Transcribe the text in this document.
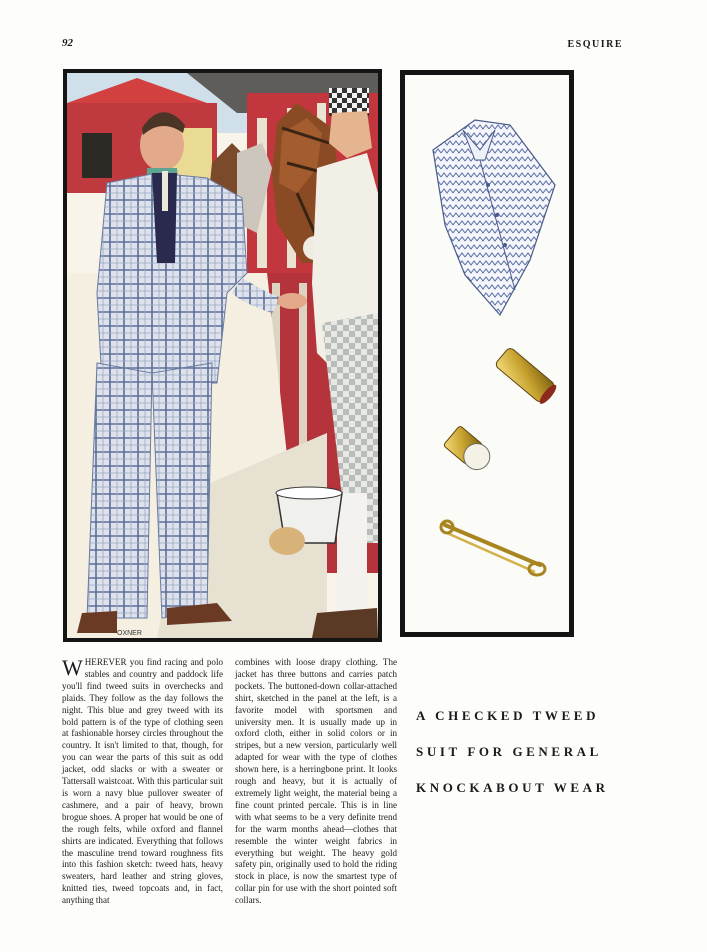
92	ESQUIRE
OXNER

WHEREVER you find racing and polo stables and country and paddock life you'll find tweed suits in overchecks and plaids. They follow as the day follows the night. This blue and grey tweed with its bold pattern is of the type of clothing seen at fashionable horsey circles throughout the country. It isn't limited to that, though, for you can wear the parts of this suit as odd jacket, odd slacks or with a sweater or Tattersall waistcoat. With this particular suit is worn a navy blue pullover sweater of cashmere, and a pair of heavy, brown brogue shoes. A proper hat would be one of the rough felts, while oxford and flannel shirts are indicated. Everything that follows the masculine trend toward roughness fits into this fashion sketch: tweed hats, heavy sweaters, hard leather and string gloves, knitted ties, tweed topcoats and, in fact, anything that

combines with loose drapy clothing. The jacket has three buttons and carries patch pockets. The buttoned-down collar-attached shirt, sketched in the panel at the left, is a favorite model with sportsmen and university men. It is usually made up in oxford cloth, either in solid colors or in stripes, but a new version, particularly well adapted for wear with the type of clothes shown here, is a herringbone print. It looks rough and heavy, but it is actually of extremely light weight, the material being a fine count printed percale. This is in line with what seems to be a very definite trend for the warm months ahead—clothes that resemble the winter weight fabrics in everything but weight. The heavy gold safety pin, originally used to hold the riding stock in place, is now the smartest type of collar pin for use with the short pointed soft collars.

A CHECKED TWEED
SUIT FOR GENERAL
KNOCKABOUT WEAR
